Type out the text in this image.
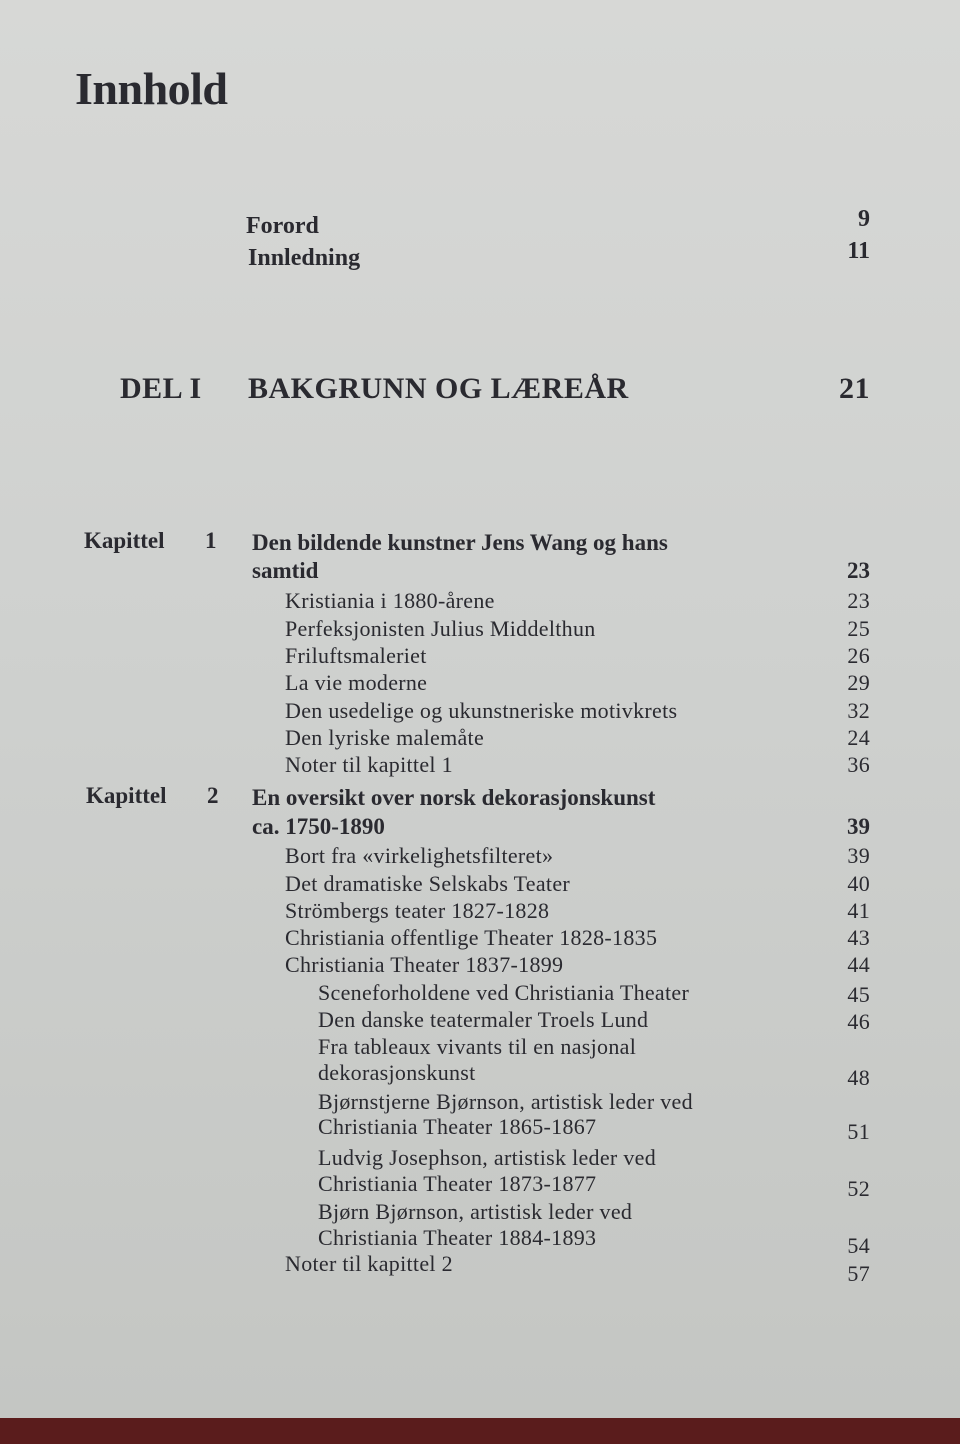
Innhold
Forord	9
Innledning	11
DEL I BAKGRUNN OG LÆREÅR	21
Kapittel 1 Den bildende kunstner Jens Wang og hans
samtid	23
Kristiania i 1880-årene	23
Perfeksjonisten Julius Middelthun	25
Friluftsmaleriet	26
La vie moderne	29
Den usedelige og ukunstneriske motivkrets	32
Den lyriske malemåte	24
Noter til kapittel 1	36
Kapittel 2 En oversikt over norsk dekorasjonskunst
ca. 1750-1890	39
Bort fra «virkelighetsfilteret»	39
Det dramatiske Selskabs Teater	40
Strömbergs teater 1827-1828	41
Christiania offentlige Theater 1828-1835	43
Christiania Theater 1837-1899	44
Sceneforholdene ved Christiania Theater	45
Den danske teatermaler Troels Lund	46
Fra tableaux vivants til en nasjonal
dekorasjonskunst	48
Bjørnstjerne Bjørnson, artistisk leder ved
Christiania Theater 1865-1867	51
Ludvig Josephson, artistisk leder ved
Christiania Theater 1873-1877	52
Bjørn Bjørnson, artistisk leder ved
Christiania Theater 1884-1893	54
Noter til kapittel 2	57
